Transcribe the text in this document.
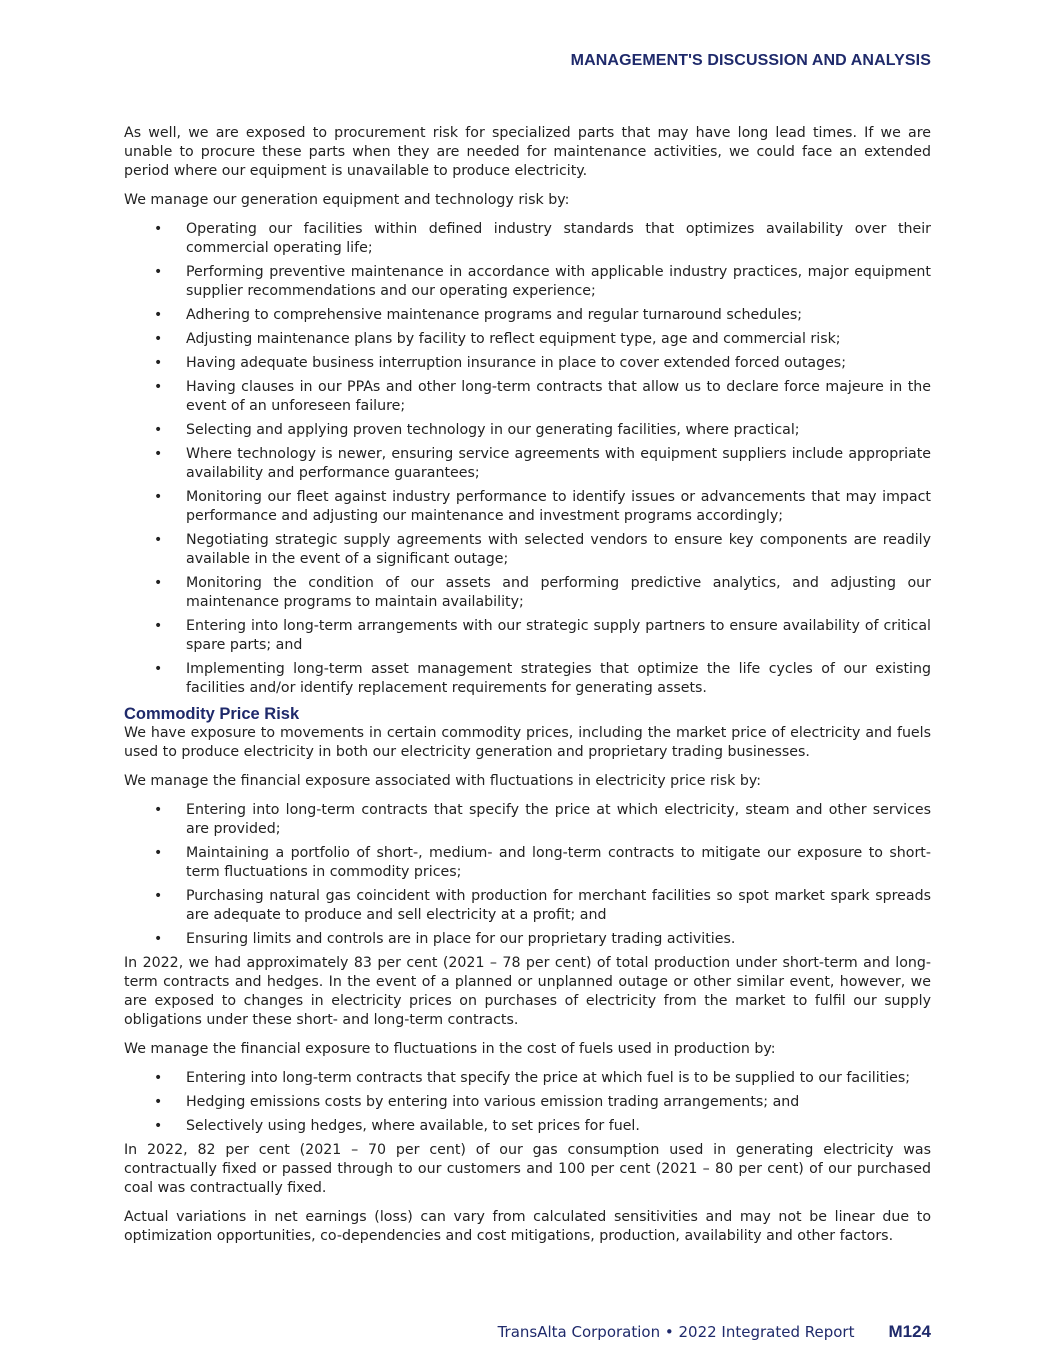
MANAGEMENT'S DISCUSSION AND ANALYSIS

As well, we are exposed to procurement risk for specialized parts that may have long lead times. If we are unable to procure these parts when they are needed for maintenance activities, we could face an extended period where our equipment is unavailable to produce electricity.

We manage our generation equipment and technology risk by:

• Operating our facilities within defined industry standards that optimizes availability over their commercial operating life;
• Performing preventive maintenance in accordance with applicable industry practices, major equipment supplier recommendations and our operating experience;
• Adhering to comprehensive maintenance programs and regular turnaround schedules;
• Adjusting maintenance plans by facility to reflect equipment type, age and commercial risk;
• Having adequate business interruption insurance in place to cover extended forced outages;
• Having clauses in our PPAs and other long-term contracts that allow us to declare force majeure in the event of an unforeseen failure;
• Selecting and applying proven technology in our generating facilities, where practical;
• Where technology is newer, ensuring service agreements with equipment suppliers include appropriate availability and performance guarantees;
• Monitoring our fleet against industry performance to identify issues or advancements that may impact performance and adjusting our maintenance and investment programs accordingly;
• Negotiating strategic supply agreements with selected vendors to ensure key components are readily available in the event of a significant outage;
• Monitoring the condition of our assets and performing predictive analytics, and adjusting our maintenance programs to maintain availability;
• Entering into long-term arrangements with our strategic supply partners to ensure availability of critical spare parts; and
• Implementing long-term asset management strategies that optimize the life cycles of our existing facilities and/or identify replacement requirements for generating assets.
Commodity Price Risk

We have exposure to movements in certain commodity prices, including the market price of electricity and fuels used to produce electricity in both our electricity generation and proprietary trading businesses.

We manage the financial exposure associated with fluctuations in electricity price risk by:

• Entering into long-term contracts that specify the price at which electricity, steam and other services are provided;
• Maintaining a portfolio of short-, medium- and long-term contracts to mitigate our exposure to short-term fluctuations in commodity prices;
• Purchasing natural gas coincident with production for merchant facilities so spot market spark spreads are adequate to produce and sell electricity at a profit; and
• Ensuring limits and controls are in place for our proprietary trading activities.

In 2022, we had approximately 83 per cent (2021 – 78 per cent) of total production under short-term and long-term contracts and hedges. In the event of a planned or unplanned outage or other similar event, however, we are exposed to changes in electricity prices on purchases of electricity from the market to fulfil our supply obligations under these short- and long-term contracts.

We manage the financial exposure to fluctuations in the cost of fuels used in production by:

• Entering into long-term contracts that specify the price at which fuel is to be supplied to our facilities;
• Hedging emissions costs by entering into various emission trading arrangements; and
• Selectively using hedges, where available, to set prices for fuel.

In 2022, 82 per cent (2021 – 70 per cent) of our gas consumption used in generating electricity was contractually fixed or passed through to our customers and 100 per cent (2021 – 80 per cent) of our purchased coal was contractually fixed.

Actual variations in net earnings (loss) can vary from calculated sensitivities and may not be linear due to optimization opportunities, co-dependencies and cost mitigations, production, availability and other factors.

TransAlta Corporation • 2022 Integrated Report M124
